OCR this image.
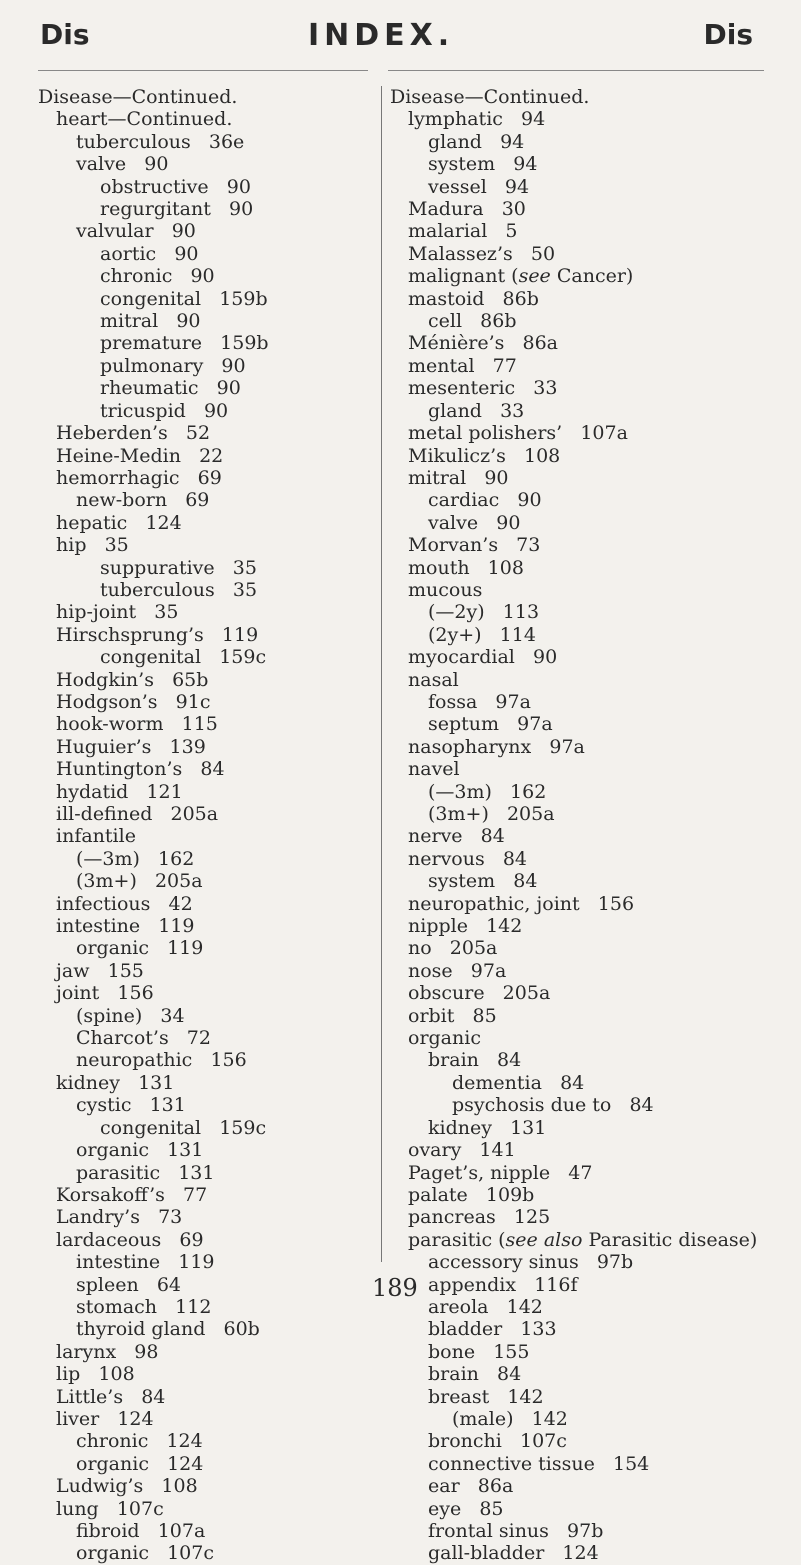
Dis	INDEX.	Dis
Disease—Continued.
heart—Continued.
tuberculous   36e
valve   90
obstructive   90
regurgitant   90
valvular   90
aortic   90
chronic   90
congenital   159b
mitral   90
premature   159b
pulmonary   90
rheumatic   90
tricuspid   90
Heberden’s   52
Heine-Medin   22
hemorrhagic   69
new-born   69
hepatic   124
hip   35
suppurative   35
tuberculous   35
hip-joint   35
Hirschsprung’s   119
congenital   159c
Hodgkin’s   65b
Hodgson’s   91c
hook-worm   115
Huguier’s   139
Huntington’s   84
hydatid   121
ill-defined   205a
infantile
(—3m)   162
(3m+)   205a
infectious   42
intestine   119
organic   119
jaw   155
joint   156
(spine)   34
Charcot’s   72
neuropathic   156
kidney   131
cystic   131
congenital   159c
organic   131
parasitic   131
Korsakoff’s   77
Landry’s   73
lardaceous   69
intestine   119
spleen   64
stomach   112
thyroid gland   60b
larynx   98
lip   108
Little’s   84
liver   124
chronic   124
organic   124
Ludwig’s   108
lung   107c
fibroid   107a
organic   107c
Disease—Continued.
lymphatic   94
gland   94
system   94
vessel   94
Madura   30
malarial   5
Malassez’s   50
malignant (see Cancer)
mastoid   86b
cell   86b
Ménière’s   86a
mental   77
mesenteric   33
gland   33
metal polishers’   107a
Mikulicz’s   108
mitral   90
cardiac   90
valve   90
Morvan’s   73
mouth   108
mucous
(—2y)   113
(2y+)   114
myocardial   90
nasal
fossa   97a
septum   97a
nasopharynx   97a
navel
(—3m)   162
(3m+)   205a
nerve   84
nervous   84
system   84
neuropathic, joint   156
nipple   142
no   205a
nose   97a
obscure   205a
orbit   85
organic
brain   84
dementia   84
psychosis due to   84
kidney   131
ovary   141
Paget’s, nipple   47
palate   109b
pancreas   125
parasitic (see also Parasitic disease)
accessory sinus   97b
appendix   116f
areola   142
bladder   133
bone   155
brain   84
breast   142
(male)   142
bronchi   107c
connective tissue   154
ear   86a
eye   85
frontal sinus   97b
gall-bladder   124
189
